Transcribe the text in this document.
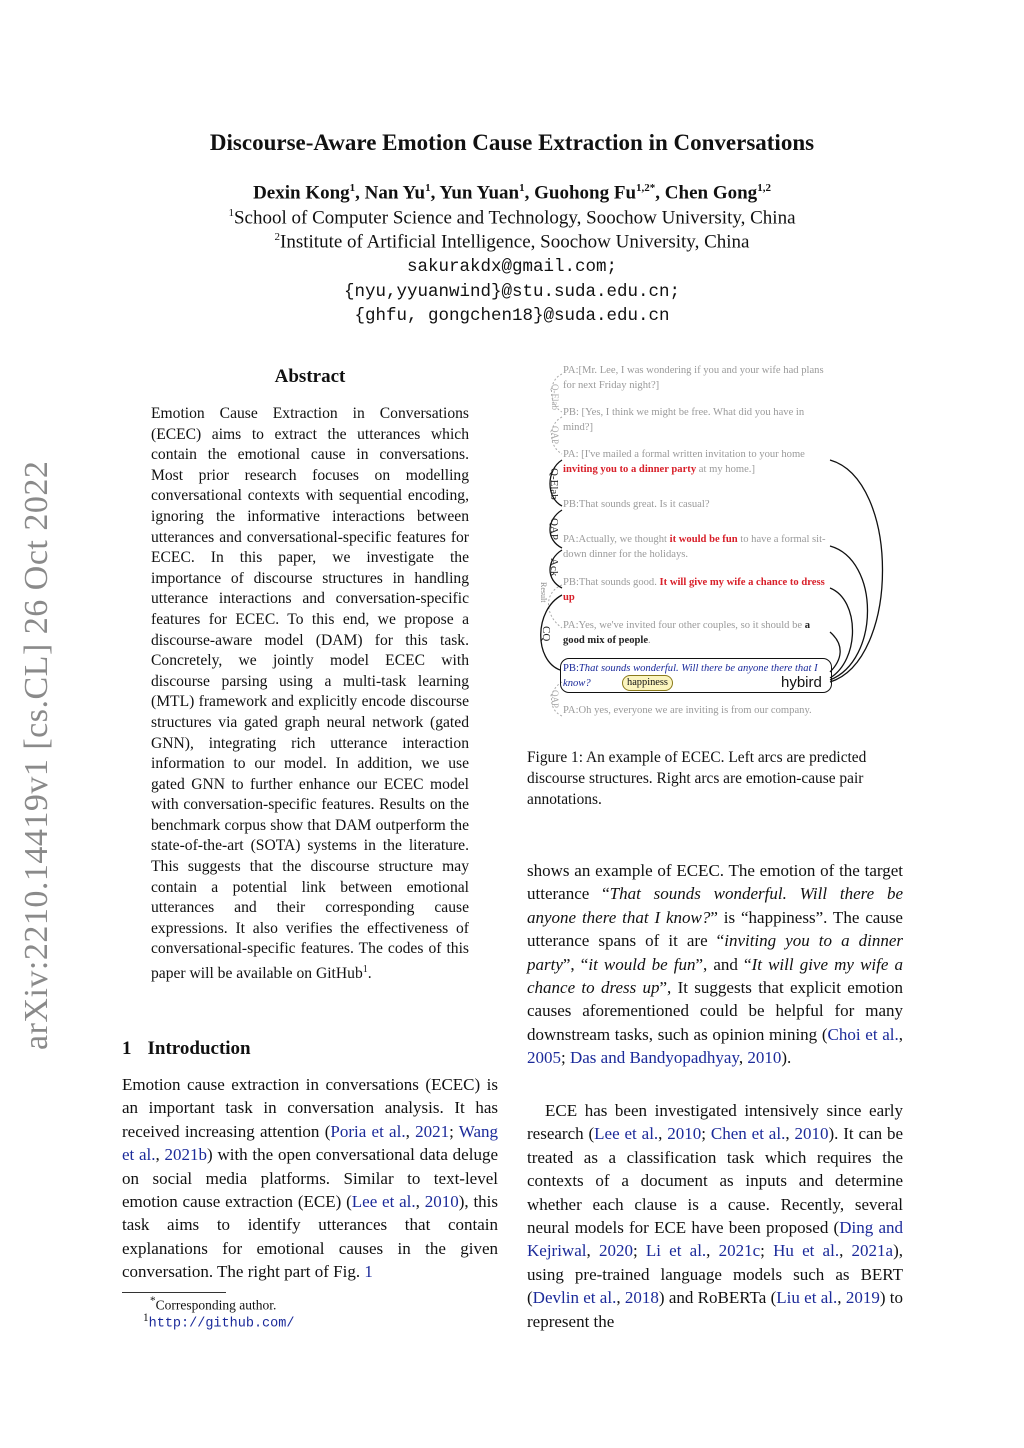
Discourse-Aware Emotion Cause Extraction in Conversations
Dexin Kong$^1$, Nan Yu$^1$, Yun Yuan$^1$, Guohong $Fu^{1,2*}$, Chen Gong$^{1,2}$
$^1$School of Computer Science and Technology, Soochow University, China
$^2$Institute of Artificial Intelligence, Soochow University, China
sakurakdx@gmail.com;
{nyu,yyuanwind}@stu.suda.edu.cn;
{ghfu, gongchen18}@suda.edu.cn
arXiv:2210.14419v1 [cs.CL] 26 Oct 2022
Abstract
Emotion Cause Extraction in Conversations (ECEC) aims to extract the utterances which contain the emotional cause in conversations. Most prior research focuses on modelling conversational contexts with sequential encoding, ignoring the informative interactions between utterances and conversational-specific features for ECEC. In this paper, we investigate the importance of discourse structures in handling utterance interactions and conversation-specific features for ECEC. To this end, we propose a discourse-aware model (DAM) for this task. Concretely, we jointly model ECEC with discourse parsing using a multi-task learning (MTL) framework and explicitly encode discourse structures via gated graph neural network (gated GNN), integrating rich utterance interaction information to our model. In addition, we use gated GNN to further enhance our ECEC model with conversation-specific features. Results on the benchmark corpus show that DAM outperform the state-of-the-art (SOTA) systems in the literature. This suggests that the discourse structure may contain a potential link between emotional utterances and their corresponding cause expressions. It also verifies the effectiveness of conversational-specific features. The codes of this paper will be available on GitHub$^1$.
1 Introduction
Emotion cause extraction in conversations (ECEC) is an important task in conversation analysis. It has received increasing attention (Poria et al., 2021; Wang et al., 2021b) with the open conversational data deluge on social media platforms. Similar to text-level emotion cause extraction (ECE) (Lee et al., 2010), this task aims to identify utterances that contain explanations for emotional causes in the given conversation. The right part of Fig. 1
*Corresponding author.
$^1$http://github.com/
Q-Elab
QAP
Q-Elab
QAP
Ack
Result
CQ
QAP
PA:[Mr. Lee, I was wondering if you and your wife had plans for next Friday night?]
PB: [Yes, I think we might be free. What did you have in mind?]
PA: [I've mailed a formal written invitation to your home inviting you to a dinner party at my home.]
PB:That sounds great. Is it casual?
PA:Actually, we thought it would be fun to have a formal sit-down dinner for the holidays.
PB:That sounds good. It will give my wife a chance to dress up
PA:Yes, we've invited four other couples, so it should be a good mix of people.
PB:That sounds wonderful. Will there be anyone there that I know?	happiness	hybird
PA:Oh yes, everyone we are inviting is from our company.
Figure 1: An example of ECEC. Left arcs are predicted discourse structures. Right arcs are emotion-cause pair annotations.
shows an example of ECEC. The emotion of the target utterance “That sounds wonderful. Will there be anyone there that I know?” is “happiness”. The cause utterance spans of it are “inviting you to a dinner party”, “it would be fun”, and “It will give my wife a chance to dress up”, It suggests that explicit emotion causes aforementioned could be helpful for many downstream tasks, such as opinion mining (Choi et al., 2005; Das and Bandyopadhyay, 2010).
ECE has been investigated intensively since early research (Lee et al., 2010; Chen et al., 2010). It can be treated as a classification task which requires the contexts of a document as inputs and determine whether each clause is a cause. Recently, several neural models for ECE have been proposed (Ding and Kejriwal, 2020; Li et al., 2021c; Hu et al., 2021a), using pre-trained language models such as BERT (Devlin et al., 2018) and RoBERTa (Liu et al., 2019) to represent the
